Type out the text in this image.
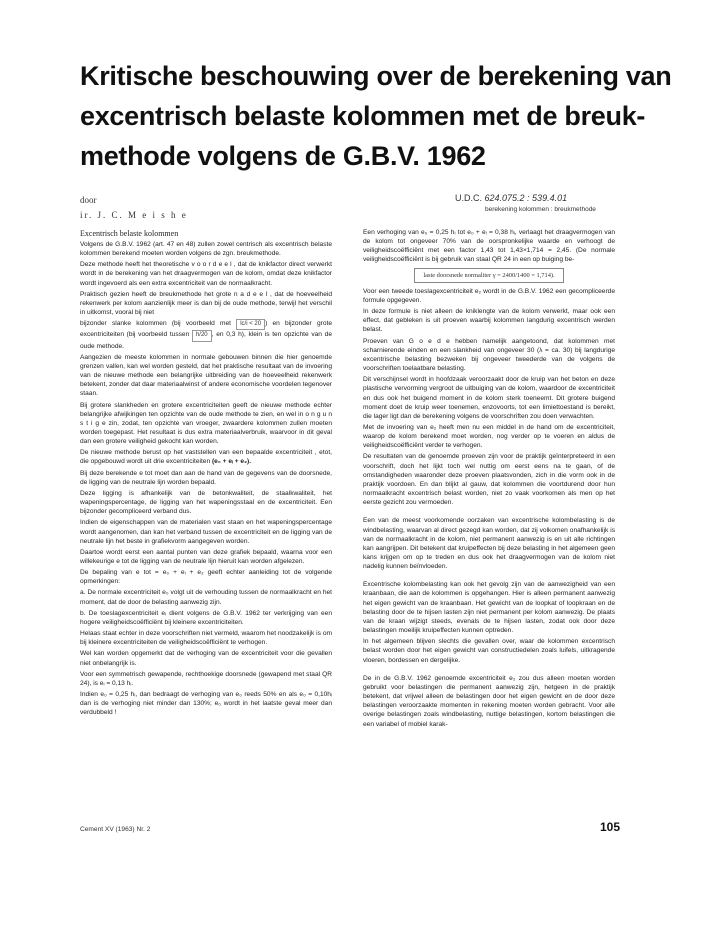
Kritische beschouwing over de berekening van
excentrisch belaste kolommen met de breuk-
methode volgens de G.B.V. 1962
door
ir. J. C. M e i s h e
U.D.C. 624.075.2 : 539.4.01
berekening kolommen : breukmethode
Excentrisch belaste kolommen

Volgens de G.B.V. 1962 (art. 47 en 48) zullen zowel centrisch als excentrisch belaste kolommen berekend moeten worden volgens de zgn. breukmethode.

Deze methode heeft het theoretische v o o r d e e l , dat de knikfactor direct verwerkt wordt in de berekening van het draagvermogen van de kolom, omdat deze knikfactor wordt ingevoerd als een extra excentriciteit van de normaalkracht.

Praktisch gezien heeft de breukmethode het grote n a d e e l , dat de hoeveelheid rekenwerk per kolom aanzienlijk meer is dan bij de oude methode, terwijl het verschil in uitkomst, vooral bij niet

bijzonder slanke kolommen (bij voorbeeld met lc/i < 20 ) en bijzonder grote excentriciteiten (bij voorbeeld tussen h/20 , en 0,3 h), klein is ten opzichte van de oude methode.

Aangezien de meeste kolommen in normale gebouwen binnen die hier genoemde grenzen vallen, kan wel worden gesteld, dat het praktische resultaat van de invoering van de nieuwe methode een belangrijke uitbreiding van de hoeveelheid rekenwerk betekent, zonder dat daar materiaalwinst of andere economische voordelen tegenover staan.

Bij grotere slankheden en grotere excentriciteiten geeft de nieuwe methode echter belangrijke afwijkingen ten opzichte van de oude methode te zien, en wel in o n g u n s t i g e zin, zodat, ten opzichte van vroeger, zwaardere kolommen zullen moeten worden toegepast. Het resultaat is dus extra materiaalverbruik, waarvoor in dit geval dan een grotere veiligheid gekocht kan worden.

De nieuwe methode berust op het vaststellen van een bepaalde excentriciteit , etot, die opgebouwd wordt uit drie excentriciteiten (e₀ + eᵢ + e₂).

Bij deze berekende e tot moet dan aan de hand van de gegevens van de doorsnede, de ligging van de neutrale lijn worden bepaald.

Deze ligging is afhankelijk van de betonkwaliteit, de staalkwaliteit, het wapeningspercentage, de ligging van het wapeningsstaal en de excentriciteit. Een bijzonder gecompliceerd verband dus.

Indien de eigenschappen van de materialen vast staan en het wapeningspercentage wordt aangenomen, dan kan het verband tussen de excentriciteit en de ligging van de neutrale lijn het beste in grafiekvorm aangegeven worden.

Daartoe wordt eerst een aantal punten van deze grafiek bepaald, waarna voor een willekeurige e tot de ligging van de neutrale lijn hieruit kan worden afgelezen.

De bepaling van e tot = e₀ + eᵢ + e₂ geeft echter aanleiding tot de volgende opmerkingen:

a. De normale excentriciteit e₀ volgt uit de verhouding tussen de normaalkracht en het moment, dat de door de belasting aanwezig zijn.

b. De toeslagexcentriciteit eᵢ dient volgens de G.B.V. 1962 ter verkrijging van een hogere veiligheidscoëfficiënt bij kleinere excentriciteiten.

Helaas staat echter in deze voorschriften niet vermeld, waarom het noodzakelijk is om bij kleinere excentriciteiten de veiligheidscoëfficiënt te verhogen.

Wel kan worden opgemerkt dat de verhoging van de excentriciteit voor die gevallen niet onbelangrijk is.

Voor een symmetrisch gewapende, rechthoekige doorsnede (gewapend met staal QR 24), is eᵢ = 0,13 hᵢ.

Indien e₀ = 0,25 hᵢ, dan bedraagt de verhoging van e₀ reeds 50% en als e₀ = 0,10hᵢ dan is de verhoging niet minder dan 130%; e₀ wordt in het laatste geval meer dan verdubbeld !

Een verhoging van e₀ = 0,25 hᵢ tot e₀ + eᵢ = 0,38 hᵢ, verlaagt het draagvermogen van de kolom tot ongeveer 70% van de oorspronkelijke waarde en verhoogt de veiligheidscoëfficiënt met een factor 1,43 tot 1,43×1,714 = 2,45. (De normale veiligheidscoëfficiënt is bij gebruik van staal QR 24 in een op buiging be-

laste doorsnede normaliter γ = 2400/1400 = 1,714).

Voor een tweede toeslagexcentriciteit e₂ wordt in de G.B.V. 1962 een gecompliceerde formule opgegeven.

In deze formule is niet alleen de kniklengte van de kolom verwerkt, maar ook een effect, dat gebleken is uit proeven waarbij kolommen langdurig excentrisch werden belast.

Proeven van G o e d e hebben namelijk aangetoond, dat kolommen met scharnierende einden en een slankheid van ongeveer 30 (λ = ca. 30) bij langdurige excentrische belasting bezweken bij ongeveer tweederde van de volgens de voorschriften toelaatbare belasting.

Dit verschijnsel wordt in hoofdzaak veroorzaakt door de kruip van het beton en deze plastische vervorming vergroot de uitbuiging van de kolom, waardoor de excentriciteit en dus ook het buigend moment in de kolom sterk toeneemt. Dit grotere buigend moment doet de kruip weer toenemen, enzovoorts, tot een limiettoestand is bereikt, die lager ligt dan de berekening volgens de voorschriften zou doen verwachten.

Met de invoering van e₂ heeft men nu een middel in de hand om de excentriciteit, waarop de kolom berekend moet worden, nog verder op te voeren en aldus de veiligheidscoëfficiënt verder te verhogen.

De resultaten van de genoemde proeven zijn voor de praktijk geïnterpreteerd in een voorschrift, doch het lijkt toch wel nuttig om eerst eens na te gaan, of de omstandigheden waaronder deze proeven plaatsvonden, zich in die vorm ook in de praktijk voordoen. En dan blijkt al gauw, dat kolommen die voortdurend door hun normaalkracht excentrisch belast worden, niet zo vaak voorkomen als men op het eerste gezicht zou vermoeden.

Een van de meest voorkomende oorzaken van excentrische kolombelasting is de windbelasting, waarvan al direct gezegd kan worden, dat zij volkomen onafhankelijk is van de normaalkracht in de kolom, niet permanent aanwezig is en uit alle richtingen kan aangrijpen. Dit betekent dat kruipeffecten bij deze belasting in het algemeen geen kans krijgen om op te treden en dus ook het draagvermogen van de kolom niet nadelig kunnen beïnvloeden.

Excentrische kolombelasting kan ook het gevolg zijn van de aanwezigheid van een kraanbaan, die aan de kolommen is opgehangen. Hier is alleen permanent aanwezig het eigen gewicht van de kraanbaan. Het gewicht van de loopkat of loopkraan en de belasting door de te hijsen lasten zijn niet permanent per kolom aanwezig. De plaats van de kraan wijzigt steeds, evenals de te hijsen lasten, zodat ook door deze belastingen moeilijk kruipeffecten kunnen optreden.

In het algemeen blijven slechts die gevallen over, waar de kolommen excentrisch belast worden door het eigen gewicht van constructiedelen zoals luifels, uitkragende vloeren, bordessen en dergelijke.

De in de G.B.V. 1962 genoemde excentriciteit e₂ zou dus alleen moeten worden gebruikt voor belastingen die permanent aanwezig zijn, hetgeen in de praktijk betekent, dat vrijwel alleen de belastingen door het eigen gewicht en de door deze belastingen veroorzaakte momenten in rekening moeten worden gebracht. Voor alle overige belastingen zoals windbelasting, nuttige belastingen, kortom belastingen die een variabel of mobiel karak-

Cement XV (1963) Nr. 2	105
